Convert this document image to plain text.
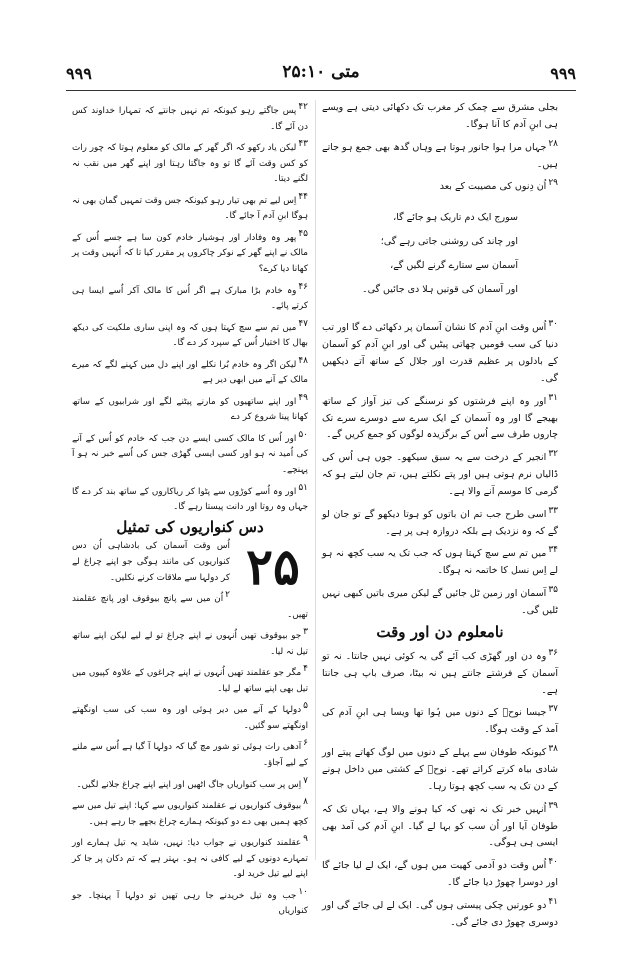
۹۹۹	متی ۲۵:۱۰	۹۹۹

بجلی مشرق سے چمک کر مغرب تک دکھائی دیتی ہے ویسے ہی ابنِ آدم کا آنا ہوگا۔

۲۸جہاں مرا ہوا جانور ہوتا ہے وہاں گدھ بھی جمع ہو جاتے ہیں۔

۲۹اُن دِنوں کی مصیبت کے بعد

سورج ایک دم تاریک ہو جائے گا،
اور چاند کی روشنی جاتی رہے گی؛
آسمان سے ستارے گرنے لگیں گے،
اور آسمان کی قوتیں ہلا دی جائیں گی۔

۳۰اُس وقت ابنِ آدم کا نشان آسمان پر دکھائی دے گا اور تب دنیا کی سب قومیں چھاتی پیٹیں گی اور ابنِ آدم کو آسمان کے بادلوں پر عظیم قدرت اور جلال کے ساتھ آتے دیکھیں گی۔

۳۱اور وہ اپنے فرشتوں کو نرسنگے کی تیز آواز کے ساتھ بھیجے گا اور وہ آسمان کے ایک سرے سے دوسرے سرے تک چاروں طرف سے اُس کے برگزیدہ لوگوں کو جمع کریں گے۔

۳۲انجیر کے درخت سے یہ سبق سیکھو۔ جوں ہی اُس کی ڈالیاں نرم ہوتی ہیں اور پتے نکلتے ہیں، تم جان لیتے ہو کہ گرمی کا موسم آنے والا ہے۔

۳۳اسی طرح جب تم ان باتوں کو ہوتا دیکھو گے تو جان لو گے کہ وہ نزدیک ہے بلکہ دروازہ ہی پر ہے۔

۳۴میں تم سے سچ کہتا ہوں کہ جب تک یہ سب کچھ نہ ہو لے اِس نسل کا خاتمہ نہ ہوگا۔

۳۵آسمان اور زمین ٹل جائیں گے لیکن میری باتیں کبھی نہیں ٹلیں گی۔

نامعلوم دن اور وقت

۳۶وہ دن اور گھڑی کب آئے گی یہ کوئی نہیں جانتا۔ نہ تو آسمان کے فرشتے جانتے ہیں نہ بیٹا، صرف باپ ہی جانتا ہے۔

۳۷جیسا نوحؔ کے دنوں میں ہُوا تھا ویسا ہی ابنِ آدم کی آمد کے وقت ہوگا۔

۳۸کیونکہ طوفان سے پہلے کے دنوں میں لوگ کھاتے پیتے اور شادی بیاہ کرتے کراتے تھے۔ نوحؔ کے کشتی میں داخل ہونے کے دن تک یہ سب کچھ ہوتا رہا۔

۳۹اُنہیں خبر تک نہ تھی کہ کیا ہونے والا ہے، یہاں تک کہ طوفان آیا اور اُن سب کو بہا لے گیا۔ ابنِ آدم کی آمد بھی ایسی ہی ہوگی۔

۴۰اُس وقت دو آدمی کھیت میں ہوں گے، ایک لے لیا جائے گا اور دوسرا چھوڑ دیا جائے گا۔

۴۱دو عورتیں چکی پیستی ہوں گی۔ ایک لے لی جائے گی اور دوسری چھوڑ دی جائے گی۔

۴۲پس جاگتے رہو کیونکہ تم نہیں جانتے کہ تمہارا خداوند کس دن آئے گا۔

۴۳لیکن یاد رکھو کہ اگر گھر کے مالک کو معلوم ہوتا کہ چور رات کو کس وقت آئے گا تو وہ جاگتا رہتا اور اپنے گھر میں نقب نہ لگنے دیتا۔

۴۴اِس لیے تم بھی تیار رہو کیونکہ جس وقت تمہیں گمان بھی نہ ہوگا ابنِ آدم آ جائے گا۔

۴۵پھر وہ وفادار اور ہوشیار خادم کون سا ہے جسے اُس کے مالک نے اپنے گھر کے نوکر چاکروں پر مقرر کیا تا کہ اُنہیں وقت پر کھانا دیا کرے؟

۴۶وہ خادم بڑا مبارک ہے اگر اُس کا مالک آکر اُسے ایسا ہی کرتے پائے۔

۴۷میں تم سے سچ کہتا ہوں کہ وہ اپنی ساری ملکیت کی دیکھ بھال کا اختیار اُس کے سپرد کر دے گا۔

۴۸لیکن اگر وہ خادم بُرا نکلے اور اپنے دل میں کہنے لگے کہ میرے مالک کے آنے میں ابھی دیر ہے

۴۹اور اپنے ساتھیوں کو مارنے پیٹنے لگے اور شرابیوں کے ساتھ کھانا پینا شروع کر دے

۵۰اور اُس کا مالک کسی ایسے دن جب کہ خادم کو اُس کے آنے کی اُمید نہ ہو اور کسی ایسی گھڑی جس کی اُسے خبر نہ ہو آ پہنچے۔

۵۱اور وہ اُسے کوڑوں سے پٹوا کر ریاکاروں کے ساتھ بند کر دے گا جہاں وہ روتا اور دانت پیستا رہے گا۔

دس کنواریوں کی تمثیل
۲۵

اُس وقت آسمان کی بادشاہی اُن دس کنواریوں کی مانند ہوگی جو اپنے چراغ لے کر دولہا سے ملاقات کرنے نکلیں۔

۲اُن میں سے پانچ بیوقوف اور پانچ عقلمند تھیں۔

۳جو بیوقوف تھیں اُنہوں نے اپنے چراغ تو لے لیے لیکن اپنے ساتھ تیل نہ لیا۔

۴مگر جو عقلمند تھیں اُنہوں نے اپنے چراغوں کے علاوہ کپیوں میں تیل بھی اپنے ساتھ لے لیا۔

۵دولہا کے آنے میں دیر ہوئی اور وہ سب کی سب اونگھتے اونگھتے سو گئیں۔

۶آدھی رات ہوئی تو شور مچ گیا کہ دولہا آ گیا ہے اُس سے ملنے کے لیے آجاؤ۔

۷اِس پر سب کنواریاں جاگ اٹھیں اور اپنے اپنے چراغ جلانے لگیں۔

۸بیوقوف کنواریوں نے عقلمند کنواریوں سے کہا: اپنے تیل میں سے کچھ ہمیں بھی دے دو کیونکہ ہمارے چراغ بجھے جا رہے ہیں۔

۹عقلمند کنواریوں نے جواب دیا: نہیں، شاید یہ تیل ہمارے اور تمہارے دونوں کے لیے کافی نہ ہو۔ بہتر ہے کہ تم دکان پر جا کر اپنے لیے تیل خرید لو۔

۱۰جب وہ تیل خریدنے جا رہی تھیں تو دولہا آ پہنچا۔ جو کنواریاں
